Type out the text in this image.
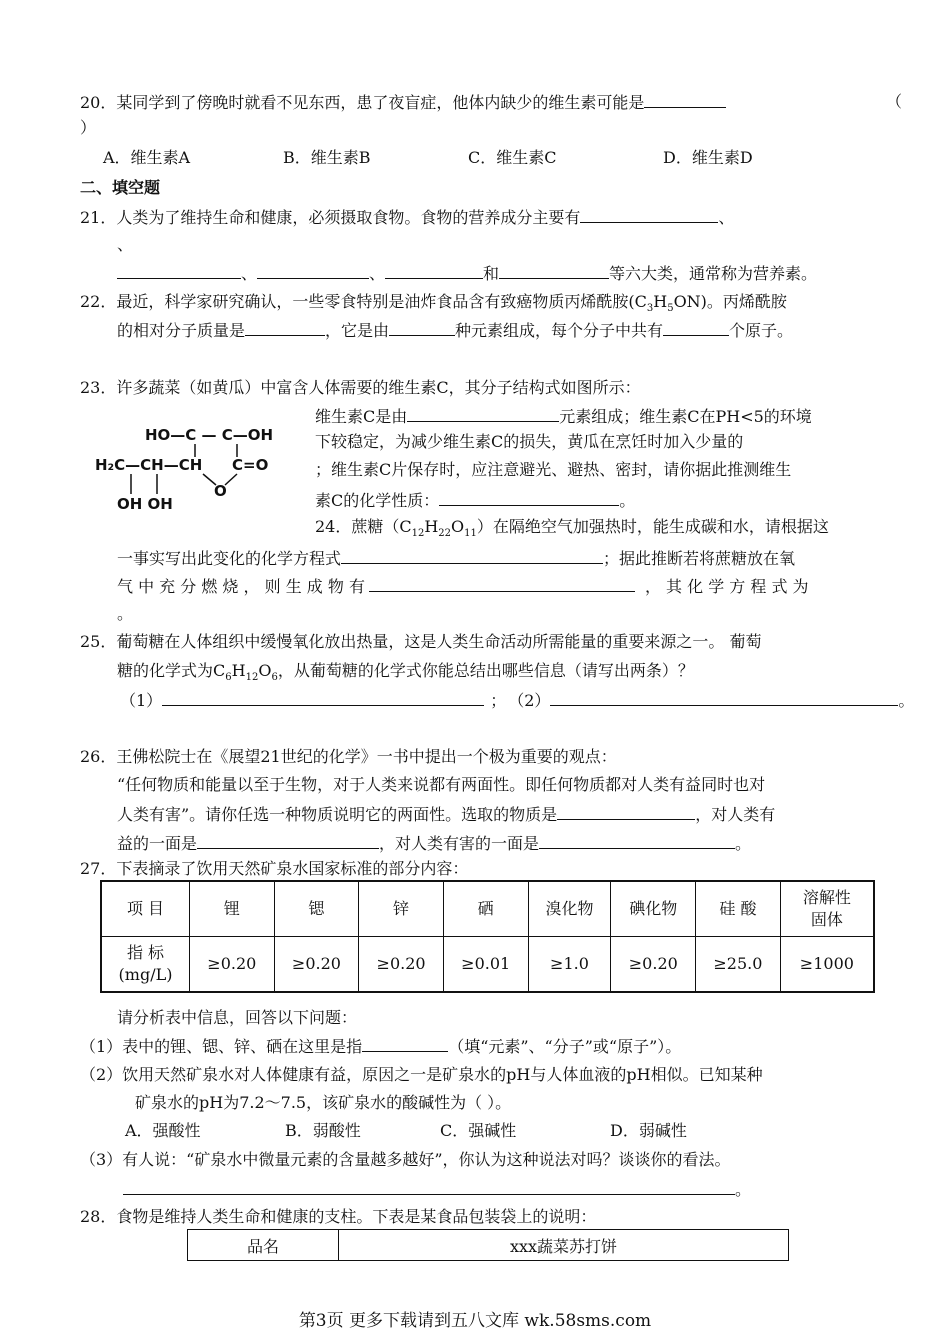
20．某同学到了傍晚时就看不见东西，患了夜盲症，他体内缺少的维生素可能是	（
）
A．维生素A	B．维生素B	C．维生素C	D．维生素D
二、填空题
21．人类为了维持生命和健康，必须摄取食物。食物的营养成分主要有	、
、
、	、	和	等六大类，通常称为营养素。
22．最近，科学家研究确认，一些零食特别是油炸食品含有致癌物质丙烯酰胺$(C_3H_5ON)$。丙烯酰胺
的相对分子质量是	，它是由	种元素组成，每个分子中共有	个原子。
23．许多蔬菜（如黄瓜）中富含人体需要的维生素C，其分子结构式如图所示：
HO—C — C—OH
H₂C—CH—CH C=O
OH OH
O
维生素C是由	元素组成；维生素C在PH<5的环境
下较稳定，为减少维生素C的损失，黄瓜在烹饪时加入少量的
；维生素C片保存时，应注意避光、避热、密封，请你据此推测维生
素C的化学性质：	。
24．蔗糖$(C_{12}H_{22}O_{11})$在隔绝空气加强热时，能生成碳和水，请根据这
一事实写出此变化的化学方程式	；据此推断若将蔗糖放在氧
气 中 充 分 燃 烧 ， 则 生 成 物 有	， 其 化 学 方 程 式 为
。
25．葡萄糖在人体组织中缓慢氧化放出热量，这是人类生命活动所需能量的重要来源之一。 葡萄
糖的化学式为$C_6H_{12}O_6$，从葡萄糖的化学式你能总结出哪些信息（请写出两条）？
（1）	； （2）	。
26．王佛松院士在《展望21世纪的化学》一书中提出一个极为重要的观点：
“任何物质和能量以至于生物，对于人类来说都有两面性。即任何物质都对人类有益同时也对
人类有害”。请你任选一种物质说明它的两面性。选取的物质是	，对人类有
益的一面是	，对人类有害的一面是	。
27．下表摘录了饮用天然矿泉水国家标准的部分内容：
项 目	锂	锶	锌	硒	溴化物	碘化物	硅 酸	溶解性
固体
指 标
(mg/L)	≥0.20	≥0.20	≥0.20	≥0.01	≥1.0	≥0.20	≥25.0	≥1000
请分析表中信息，回答以下问题：
（1）表中的锂、锶、锌、硒在这里是指	（填“元素”、“分子”或“原子”）。
（2）饮用天然矿泉水对人体健康有益，原因之一是矿泉水的pH与人体血液的pH相似。已知某种
矿泉水的pH为7.2～7.5，该矿泉水的酸碱性为（ ）。
A．强酸性	B．弱酸性	C．强碱性	D．弱碱性
（3）有人说：“矿泉水中微量元素的含量越多越好”，你认为这种说法对吗？谈谈你的看法。
。
28．食物是维持人类生命和健康的支柱。下表是某食品包装袋上的说明：
品名	xxx蔬菜苏打饼
第3页 更多下载请到五八文库 wk.58sms.com
